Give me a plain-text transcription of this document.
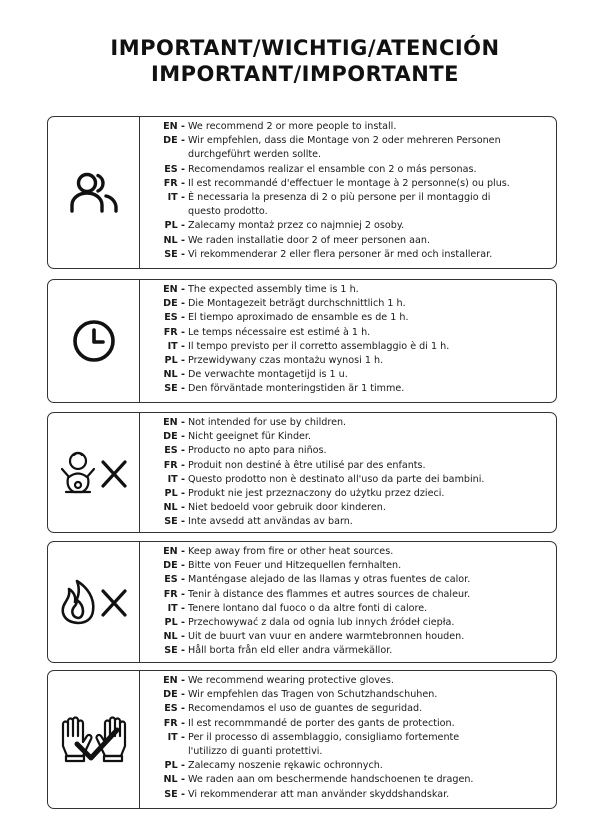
IMPORTANT/WICHTIG/ATENCIÓN
IMPORTANT/IMPORTANTE
EN - We recommend 2 or more people to install.
DE - Wir empfehlen, dass die Montage von 2 oder mehreren Personen
durchgeführt werden sollte.
ES - Recomendamos realizar el ensamble con 2 o más personas.
FR - Il est recommandé d'effectuer le montage à 2 personne(s) ou plus.
IT - È necessaria la presenza di 2 o più persone per il montaggio di
questo prodotto.
PL - Zalecamy montaż przez co najmniej 2 osoby.
NL - We raden installatie door 2 of meer personen aan.
SE - Vi rekommenderar 2 eller flera personer är med och installerar.
EN - The expected assembly time is 1 h.
DE - Die Montagezeit beträgt durchschnittlich 1 h.
ES - El tiempo aproximado de ensamble es de 1 h.
FR - Le temps nécessaire est estimé à 1 h.
IT - Il tempo previsto per il corretto assemblaggio è di 1 h.
PL - Przewidywany czas montażu wynosi 1 h.
NL - De verwachte montagetijd is 1 u.
SE - Den förväntade monteringstiden är 1 timme.
EN - Not intended for use by children.
DE - Nicht geeignet für Kinder.
ES - Producto no apto para niños.
FR - Produit non destiné à être utilisé par des enfants.
IT - Questo prodotto non è destinato all'uso da parte dei bambini.
PL - Produkt nie jest przeznaczony do użytku przez dzieci.
NL - Niet bedoeld voor gebruik door kinderen.
SE - Inte avsedd att användas av barn.
EN - Keep away from fire or other heat sources.
DE - Bitte von Feuer und Hitzequellen fernhalten.
ES - Manténgase alejado de las llamas y otras fuentes de calor.
FR - Tenir à distance des flammes et autres sources de chaleur.
IT - Tenere lontano dal fuoco o da altre fonti di calore.
PL - Przechowywać z dala od ognia lub innych źródeł ciepła.
NL - Uit de buurt van vuur en andere warmtebronnen houden.
SE - Håll borta från eld eller andra värmekällor.
EN - We recommend wearing protective gloves.
DE - Wir empfehlen das Tragen von Schutzhandschuhen.
ES - Recomendamos el uso de guantes de seguridad.
FR - Il est recommmandé de porter des gants de protection.
IT - Per il processo di assemblaggio, consigliamo fortemente
l'utilizzo di guanti protettivi.
PL - Zalecamy noszenie rękawic ochronnych.
NL - We raden aan om beschermende handschoenen te dragen.
SE - Vi rekommenderar att man använder skyddshandskar.
